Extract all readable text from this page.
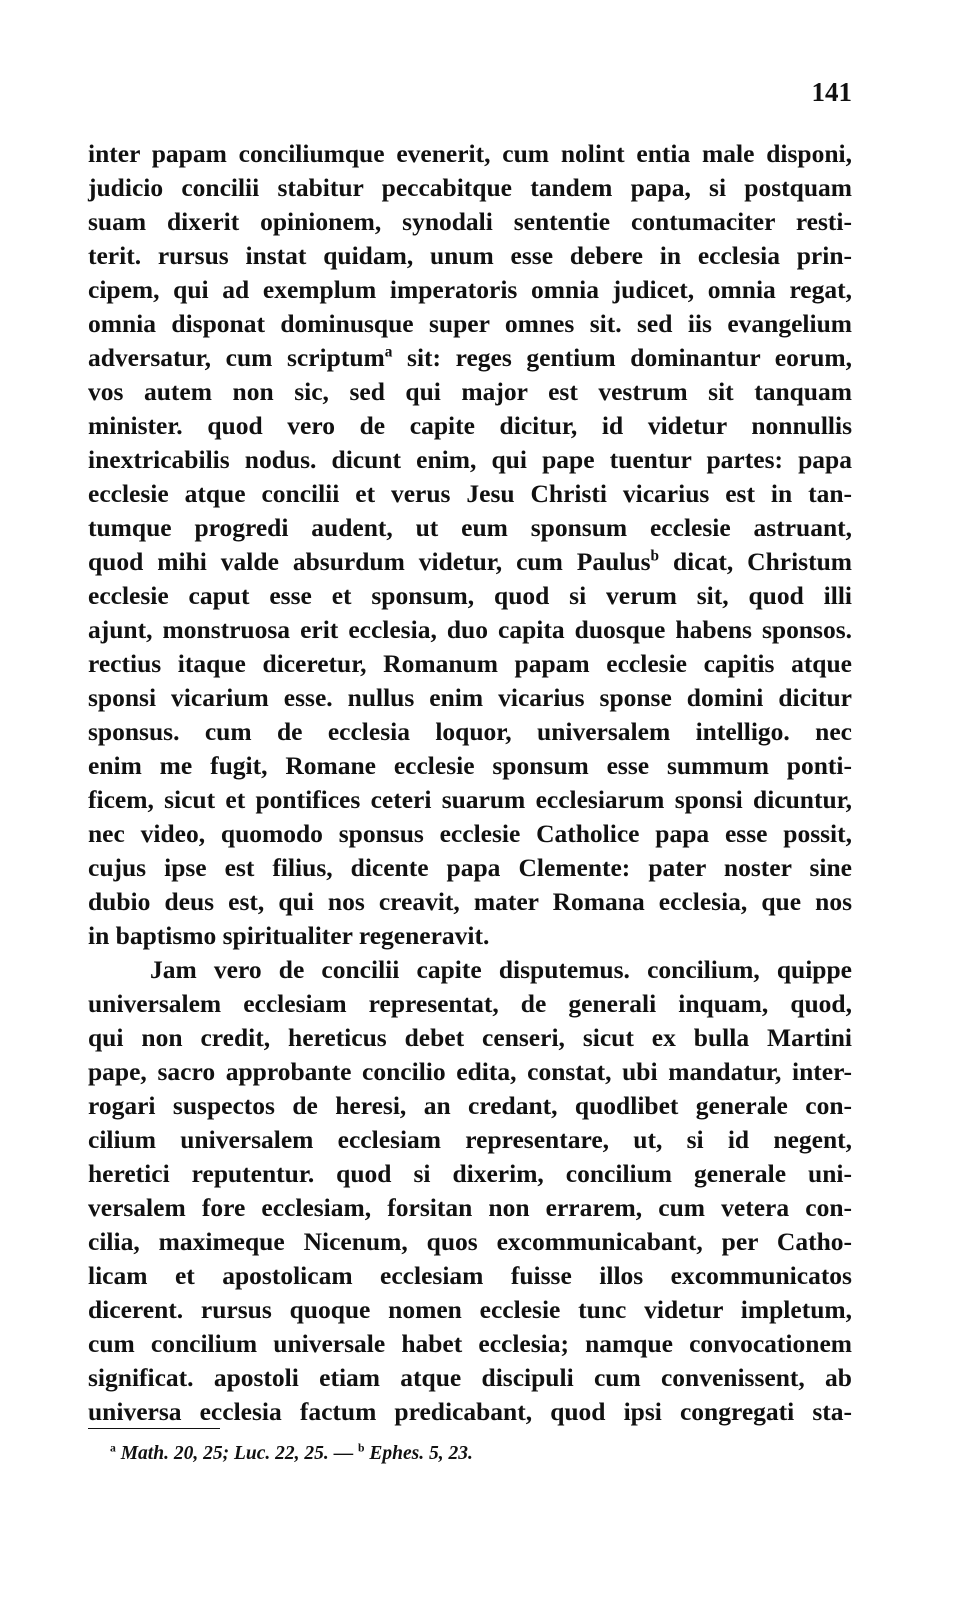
141
inter papam conciliumque evenerit, cum nolint entia male disponi,
judicio concilii stabitur peccabitque tandem papa, si postquam
suam dixerit opinionem, synodali sententie contumaciter resti-
terit. rursus instat quidam, unum esse debere in ecclesia prin-
cipem, qui ad exemplum imperatoris omnia judicet, omnia regat,
omnia disponat dominusque super omnes sit. sed iis evangelium
adversatur, cum scriptum$^a$ sit: reges gentium dominantur eorum,
vos autem non sic, sed qui major est vestrum sit tanquam
minister. quod vero de capite dicitur, id videtur nonnullis
inextricabilis nodus. dicunt enim, qui pape tuentur partes: papa
ecclesie atque concilii et verus Jesu Christi vicarius est in tan-
tumque progredi audent, ut eum sponsum ecclesie astruant,
quod mihi valde absurdum videtur, cum Paulus$^b$ dicat, Christum
ecclesie caput esse et sponsum, quod si verum sit, quod illi
ajunt, monstruosa erit ecclesia, duo capita duosque habens sponsos.
rectius itaque diceretur, Romanum papam ecclesie capitis atque
sponsi vicarium esse. nullus enim vicarius sponse domini dicitur
sponsus. cum de ecclesia loquor, universalem intelligo. nec
enim me fugit, Romane ecclesie sponsum esse summum ponti-
ficem, sicut et pontifices ceteri suarum ecclesiarum sponsi dicuntur,
nec video, quomodo sponsus ecclesie Catholice papa esse possit,
cujus ipse est filius, dicente papa Clemente: pater noster sine
dubio deus est, qui nos creavit, mater Romana ecclesia, que nos
in baptismo spiritualiter regeneravit.
Jam vero de concilii capite disputemus. concilium, quippe
universalem ecclesiam representat, de generali inquam, quod,
qui non credit, hereticus debet censeri, sicut ex bulla Martini
pape, sacro approbante concilio edita, constat, ubi mandatur, inter-
rogari suspectos de heresi, an credant, quodlibet generale con-
cilium universalem ecclesiam representare, ut, si id negent,
heretici reputentur. quod si dixerim, concilium generale uni-
versalem fore ecclesiam, forsitan non errarem, cum vetera con-
cilia, maximeque Nicenum, quos excommunicabant, per Catho-
licam et apostolicam ecclesiam fuisse illos excommunicatos
dicerent. rursus quoque nomen ecclesie tunc videtur impletum,
cum concilium universale habet ecclesia; namque convocationem
significat. apostoli etiam atque discipuli cum convenissent, ab
universa ecclesia factum predicabant, quod ipsi congregati sta-
$^a$ Math. 20, 25; Luc. 22, 25. — $^b$ Ephes. 5, 23.
